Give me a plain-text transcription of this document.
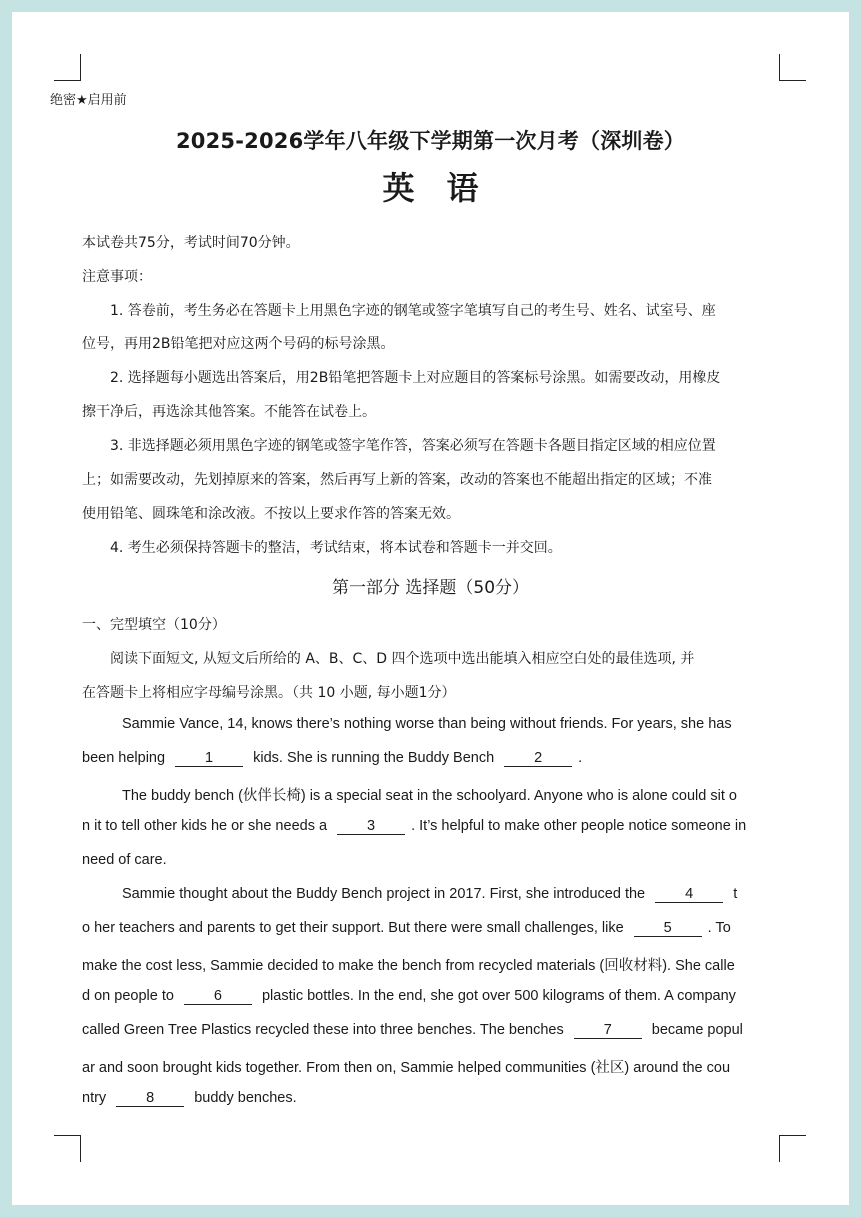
绝密★启用前
2025-2026学年八年级下学期第一次月考（深圳卷）
英语
本试卷共75分，考试时间70分钟。
注意事项：
1. 答卷前，考生务必在答题卡上用黑色字迹的钢笔或签字笔填写自己的考生号、姓名、试室号、座
位号，再用2B铅笔把对应这两个号码的标号涂黑。
2. 选择题每小题选出答案后，用2B铅笔把答题卡上对应题目的答案标号涂黑。如需要改动，用橡皮
擦干净后，再选涂其他答案。不能答在试卷上。
3. 非选择题必须用黑色字迹的钢笔或签字笔作答，答案必须写在答题卡各题目指定区域的相应位置
上；如需要改动，先划掉原来的答案，然后再写上新的答案，改动的答案也不能超出指定的区域；不准
使用铅笔、圆珠笔和涂改液。不按以上要求作答的答案无效。
4. 考生必须保持答题卡的整洁，考试结束，将本试卷和答题卡一并交回。
第一部分 选择题（50分）
一、完型填空（10分）
阅读下面短文, 从短文后所给的 A、B、C、D 四个选项中选出能填入相应空白处的最佳选项, 并
在答题卡上将相应字母编号涂黑。（共 10 小题, 每小题1分）
Sammie Vance, 14, knows there’s nothing worse than being without friends. For years, she has
been helping	1	kids. She is running the Buddy Bench	2 .
The buddy bench (伙伴长椅) is a special seat in the schoolyard. Anyone who is alone could sit o
n it to tell other kids he or she needs a	3 . It’s helpful to make other people notice someone in
need of care.
Sammie thought about the Buddy Bench project in 2017. First, she introduced the	4	t
o her teachers and parents to get their support. But there were small challenges, like	5 . To
make the cost less, Sammie decided to make the bench from recycled materials (回收材料). She calle
d on people to	6	plastic bottles. In the end, she got over 500 kilograms of them. A company
called Green Tree Plastics recycled these into three benches. The benches	7	became popul
ar and soon brought kids together. From then on, Sammie helped communities (社区) around the cou
ntry	8	buddy benches.
